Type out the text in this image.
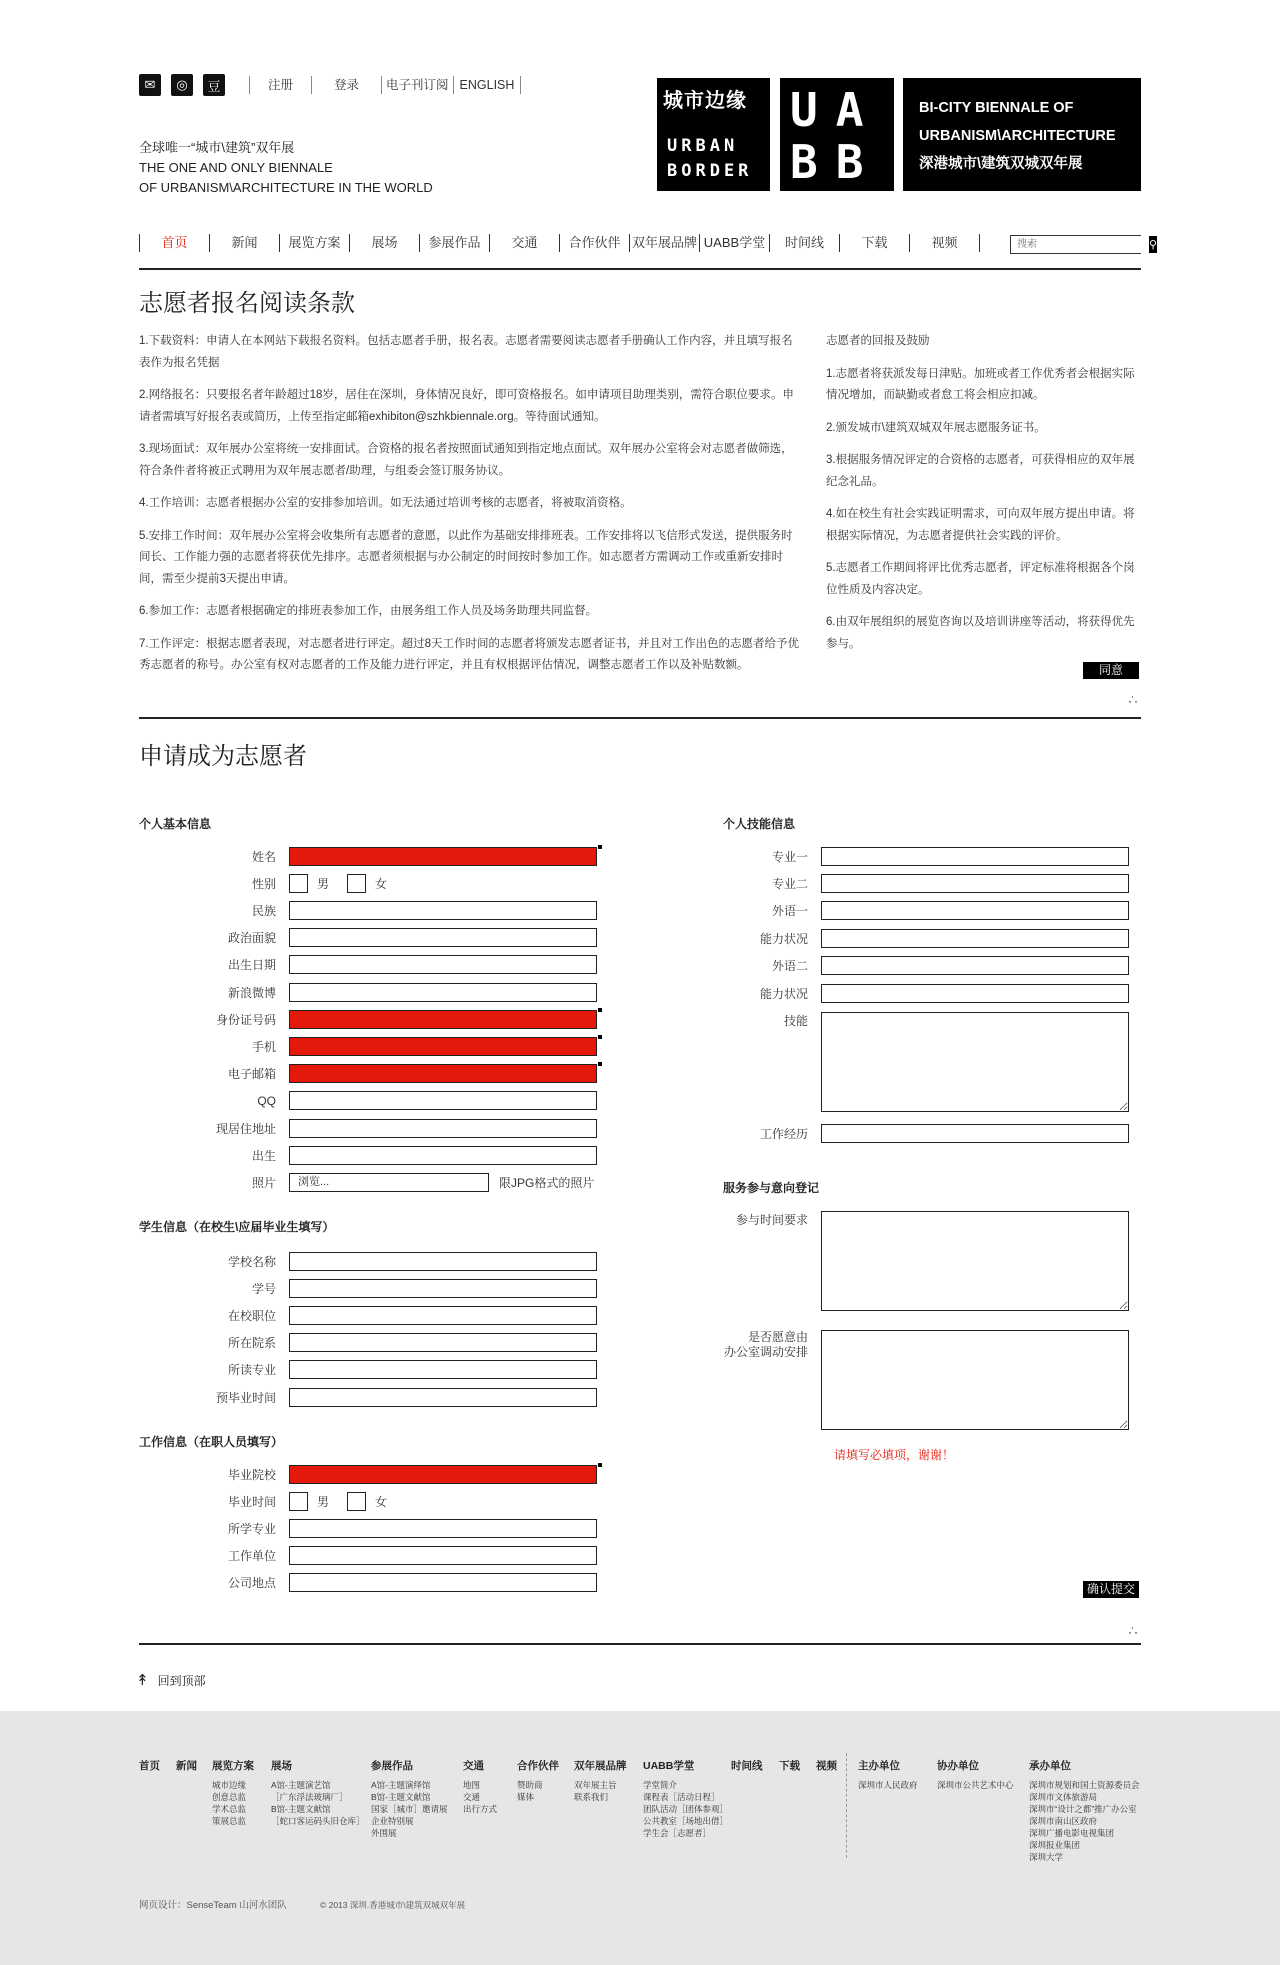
✉	◎	豆	注册	登录	电子刊订阅 ENGLISH
全球唯一“城市\建筑”双年展
THE ONE AND ONLY BIENNALE
OF URBANISM\ARCHITECTURE IN THE WORLD
城市边缘
URBAN
BORDER
UA
BB
BI-CITY BIENNALE OF
URBANISM\ARCHITECTURE
深港城市\建筑双城双年展
首页	新闻	展览方案	展场	参展作品	交通	合作伙伴 双年展品牌 UABB学堂	时间线	下载	视频
搜索	⚲
志愿者报名阅读条款

1.下载资料：申请人在本网站下载报名资料。包括志愿者手册，报名表。志愿者需要阅读志愿者手册确认工作内容，并且填写报名表作为报名凭据

2.网络报名：只要报名者年龄超过18岁，居住在深圳，身体情况良好，即可资格报名。如申请项目助理类别，需符合职位要求。申请者需填写好报名表或简历，上传至指定邮箱exhibiton@szhkbiennale.org。等待面试通知。

3.现场面试：双年展办公室将统一安排面试。合资格的报名者按照面试通知到指定地点面试。双年展办公室将会对志愿者做筛选，符合条件者将被正式聘用为双年展志愿者/助理，与组委会签订服务协议。

4.工作培训：志愿者根据办公室的安排参加培训。如无法通过培训考核的志愿者，将被取消资格。

5.安排工作时间：双年展办公室将会收集所有志愿者的意愿，以此作为基础安排排班表。工作安排将以飞信形式发送，提供服务时间长、工作能力强的志愿者将获优先排序。志愿者须根据与办公制定的时间按时参加工作。如志愿者方需调动工作或重新安排时间，需至少提前3天提出申请。

6.参加工作：志愿者根据确定的排班表参加工作，由展务组工作人员及场务助理共同监督。

7.工作评定：根据志愿者表现，对志愿者进行评定。超过8天工作时间的志愿者将颁发志愿者证书，并且对工作出色的志愿者给予优秀志愿者的称号。办公室有权对志愿者的工作及能力进行评定，并且有权根据评估情况，调整志愿者工作以及补贴数额。

志愿者的回报及鼓励

1.志愿者将获派发每日津贴。加班或者工作优秀者会根据实际情况增加，而缺勤或者怠工将会相应扣减。

2.颁发城市\建筑双城双年展志愿服务证书。

3.根据服务情况评定的合资格的志愿者，可获得相应的双年展纪念礼品。

4.如在校生有社会实践证明需求，可向双年展方提出申请。将根据实际情况，为志愿者提供社会实践的评价。

5.志愿者工作期间将评比优秀志愿者，评定标准将根据各个岗位性质及内容决定。

6.由双年展组织的展览咨询以及培训讲座等活动，将获得优先参与。

同意
·˙·
申请成为志愿者
个人基本信息
姓名
性别	男	女
民族
政治面貌
出生日期
新浪微博
身份证号码
手机
电子邮箱
QQ
现居住地址
出生
照片	浏览...	限JPG格式的照片
学生信息（在校生\应届毕业生填写）
学校名称
学号
在校职位
所在院系
所读专业
预毕业时间
工作信息（在职人员填写）
毕业院校
毕业时间	男	女
所学专业
工作单位
公司地点
个人技能信息
专业一
专业二
外语一
能力状况
外语二
能力状况
技能
工作经历
服务参与意向登记
参与时间要求
是否愿意由
办公室调动安排
请填写必填项，谢谢！
确认提交
·˙·
↟ 回到顶部
网页设计：SenseTeam 山河水团队	© 2013 深圳.香港城市\建筑双城双年展
首页 新闻 展览方案
城市边缘
创意总监
学术总监
策展总监
展场
A馆-主题演艺馆
［广东浮法玻璃厂］
B馆-主题文献馆
［蛇口客运码头旧仓库］
参展作品
A馆-主题演绎馆
B馆-主题文献馆
国家［城市］邀请展
企业特别展
外围展
交通
地图
交通
出行方式
合作伙伴
赞助商
媒体
双年展品牌
双年展主旨
联系我们
UABB学堂
学堂简介
课程表［活动日程］
团队活动［团体参观］
公共教室［场地出借］
学生会［志愿者］
时间线 下载 视频 主办单位
深圳市人民政府
协办单位
深圳市公共艺术中心
承办单位
深圳市规划和国土资源委员会
深圳市文体旅游局
深圳市“设计之都”推广办公室
深圳市南山区政府
深圳广播电影电视集团
深圳报业集团
深圳大学
